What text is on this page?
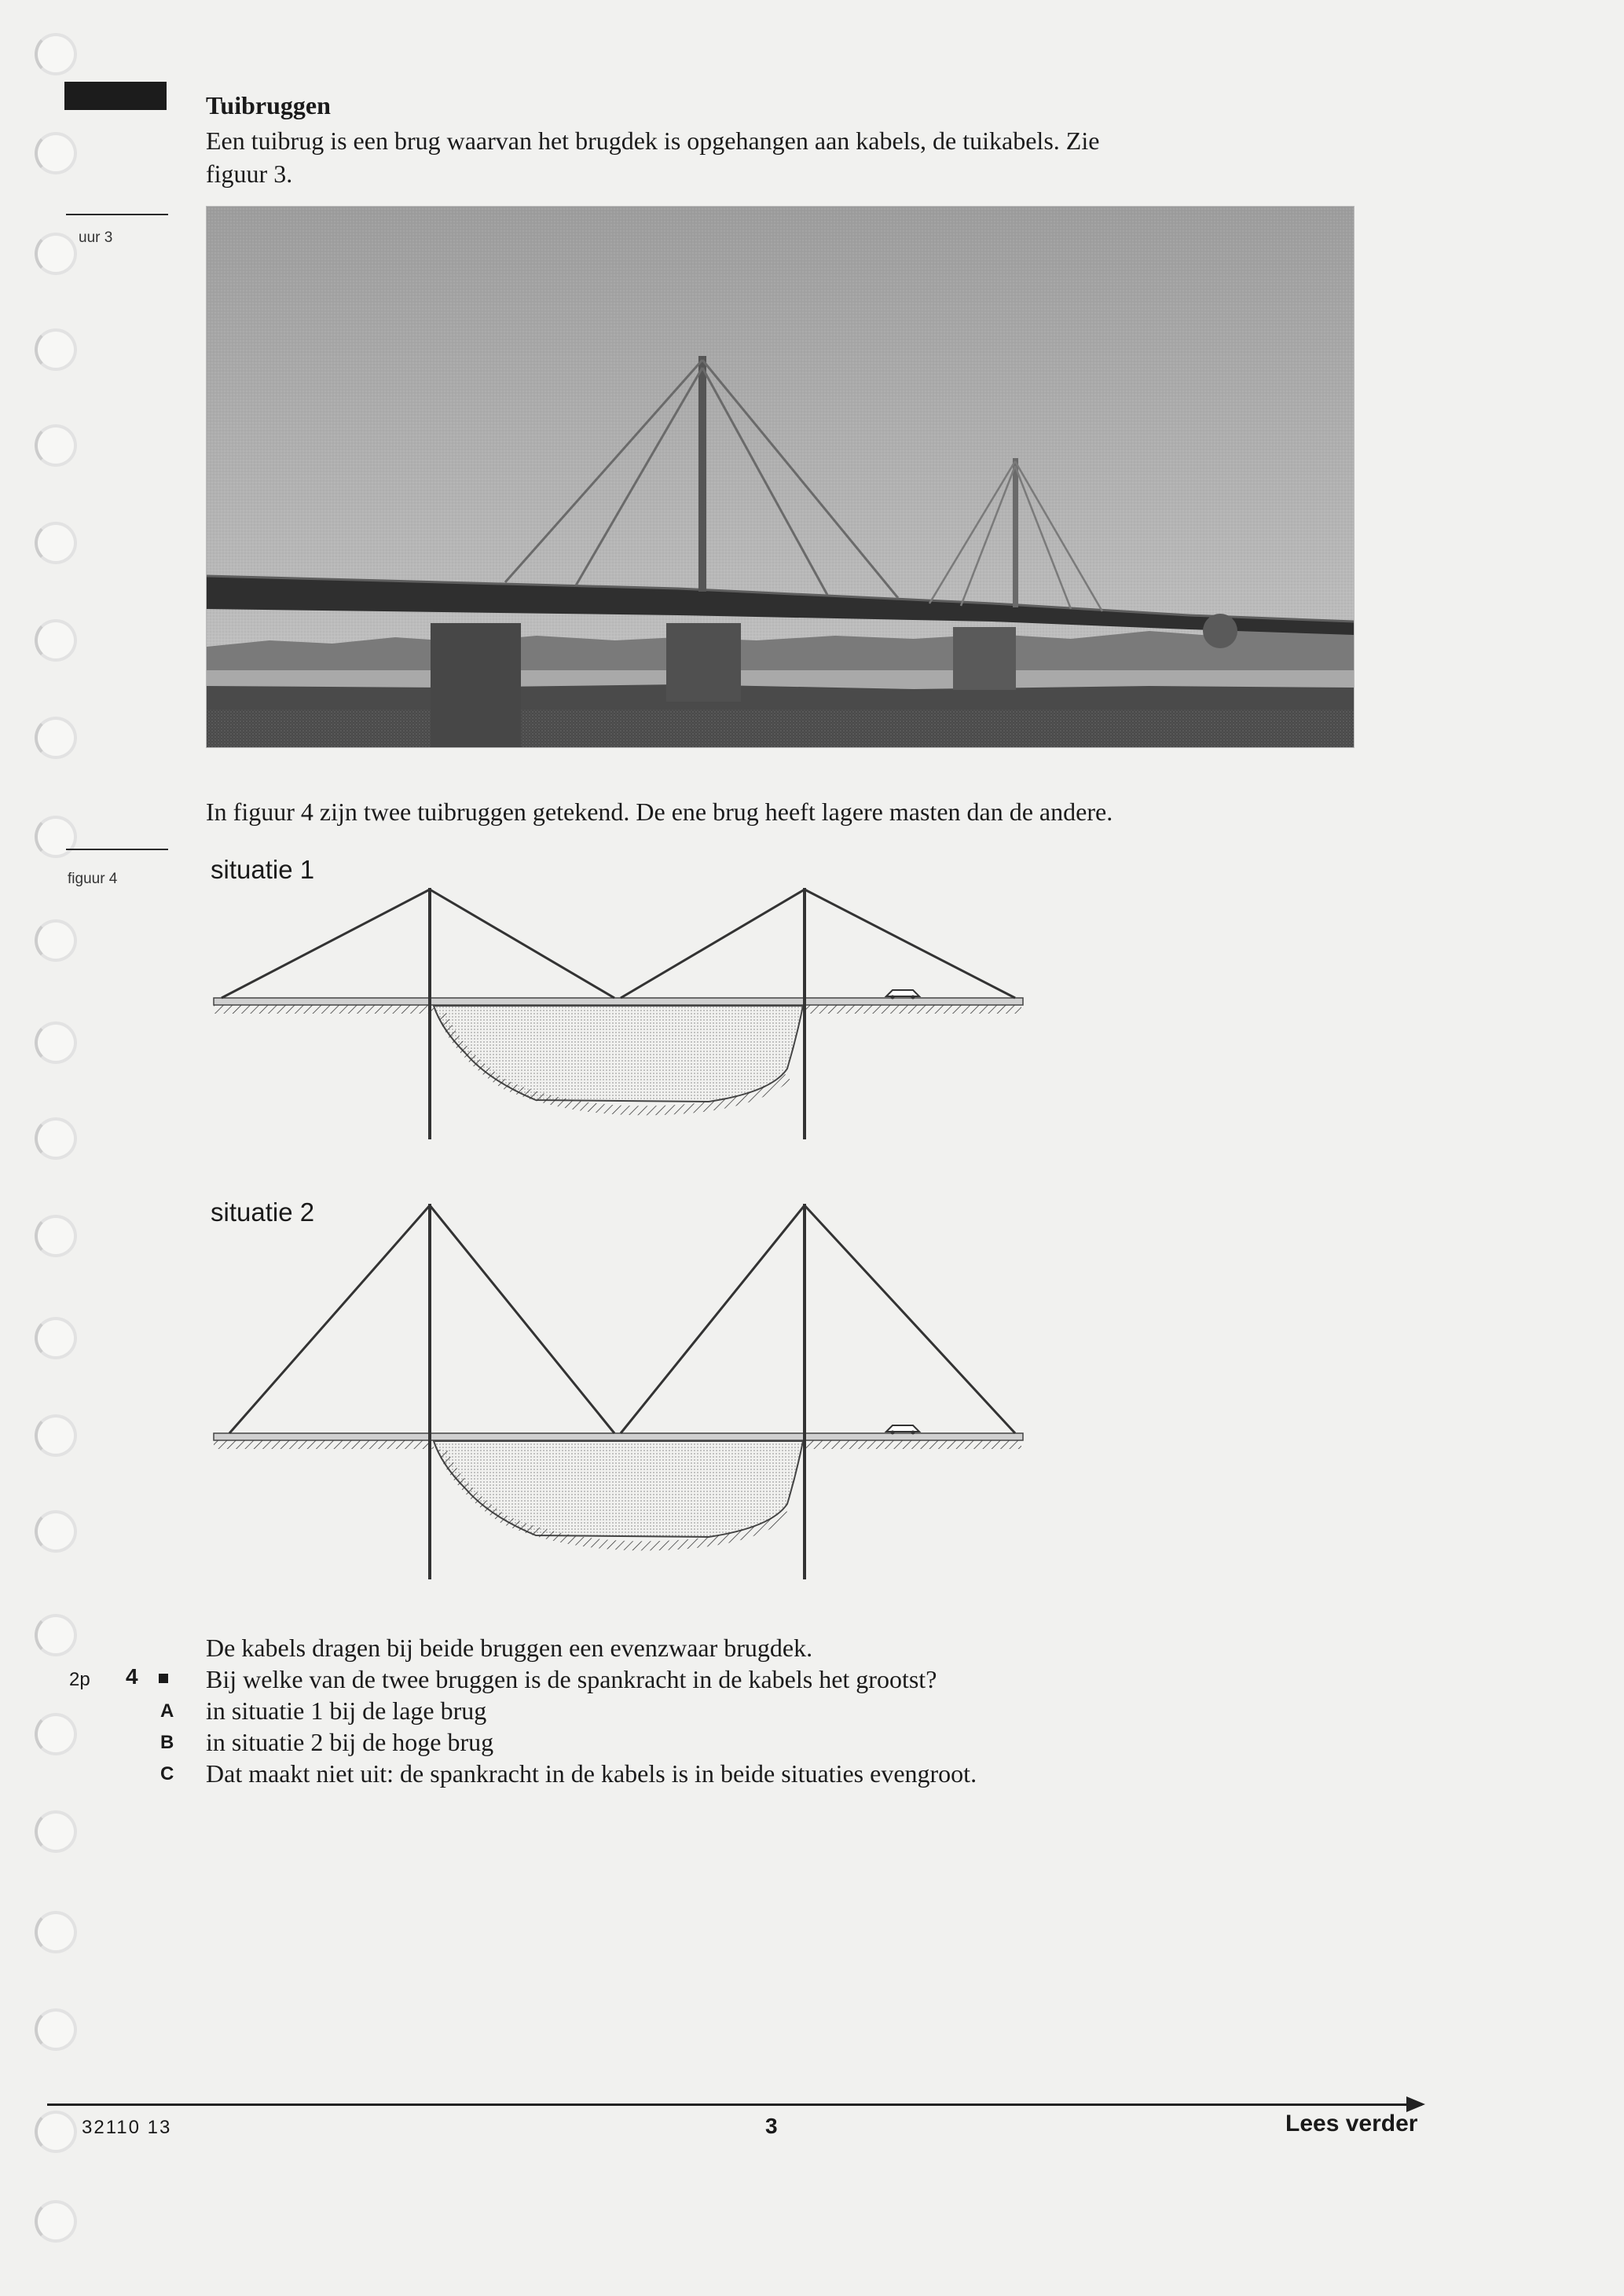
Tuibruggen
Een tuibrug is een brug waarvan het brugdek is opgehangen aan kabels, de tuikabels. Zie
figuur 3.
uur 3
In figuur 4 zijn twee tuibruggen getekend. De ene brug heeft lagere masten dan de andere.
figuur 4	situatie 1
situatie 2
De kabels dragen bij beide bruggen een evenzwaar brugdek.
2p 4	Bij welke van de twee bruggen is de spankracht in de kabels het grootst?
A in situatie 1 bij de lage brug
B in situatie 2 bij de hoge brug
C Dat maakt niet uit: de spankracht in de kabels is in beide situaties evengroot.
32110 13	3	Lees verder
